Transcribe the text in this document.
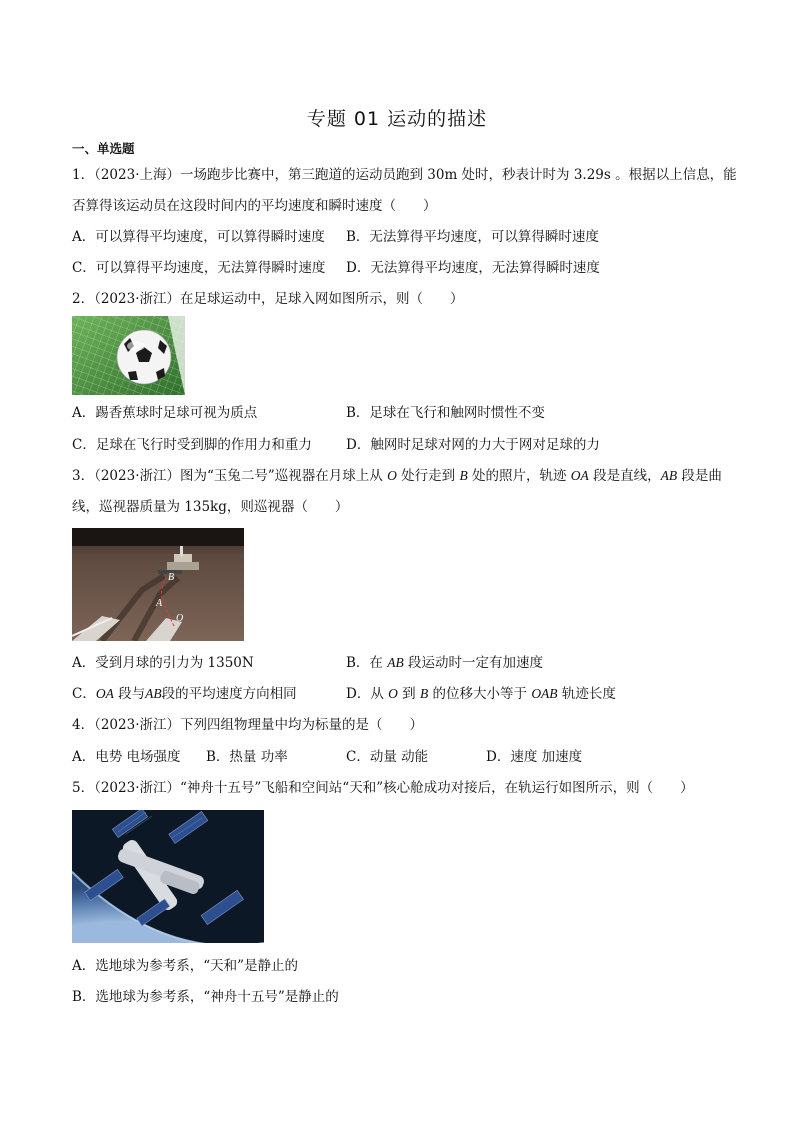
专题 01 运动的描述
一、单选题
1．（2023·上海）一场跑步比赛中，第三跑道的运动员跑到 30m 处时，秒表计时为 3.29s 。根据以上信息，能
否算得该运动员在这段时间内的平均速度和瞬时速度（　　）
A．可以算得平均速度，可以算得瞬时速度 B．无法算得平均速度，可以算得瞬时速度
C．可以算得平均速度，无法算得瞬时速度 D．无法算得平均速度，无法算得瞬时速度
2．（2023·浙江）在足球运动中，足球入网如图所示，则（　　）
A．踢香蕉球时足球可视为质点	B．足球在飞行和触网时惯性不变
C．足球在飞行时受到脚的作用力和重力	D．触网时足球对网的力大于网对足球的力
3．（2023·浙江）图为“玉兔二号”巡视器在月球上从 O 处行走到 B 处的照片，轨迹 OA 段是直线，AB 段是曲
线，巡视器质量为 135kg，则巡视器（　　）
A
O
B
A．受到月球的引力为 1350N	B．在 AB 段运动时一定有加速度
C．OA 段与AB段的平均速度方向相同	D．从 O 到 B 的位移大小等于 OAB 轨迹长度
4．（2023·浙江）下列四组物理量中均为标量的是（　　）
A．电势 电场强度 B．热量 功率	C．动量 动能	D．速度 加速度
5．（2023·浙江）“神舟十五号”飞船和空间站“天和”核心舱成功对接后，在轨运行如图所示，则（　　）
A．选地球为参考系，“天和”是静止的
B．选地球为参考系，“神舟十五号”是静止的
